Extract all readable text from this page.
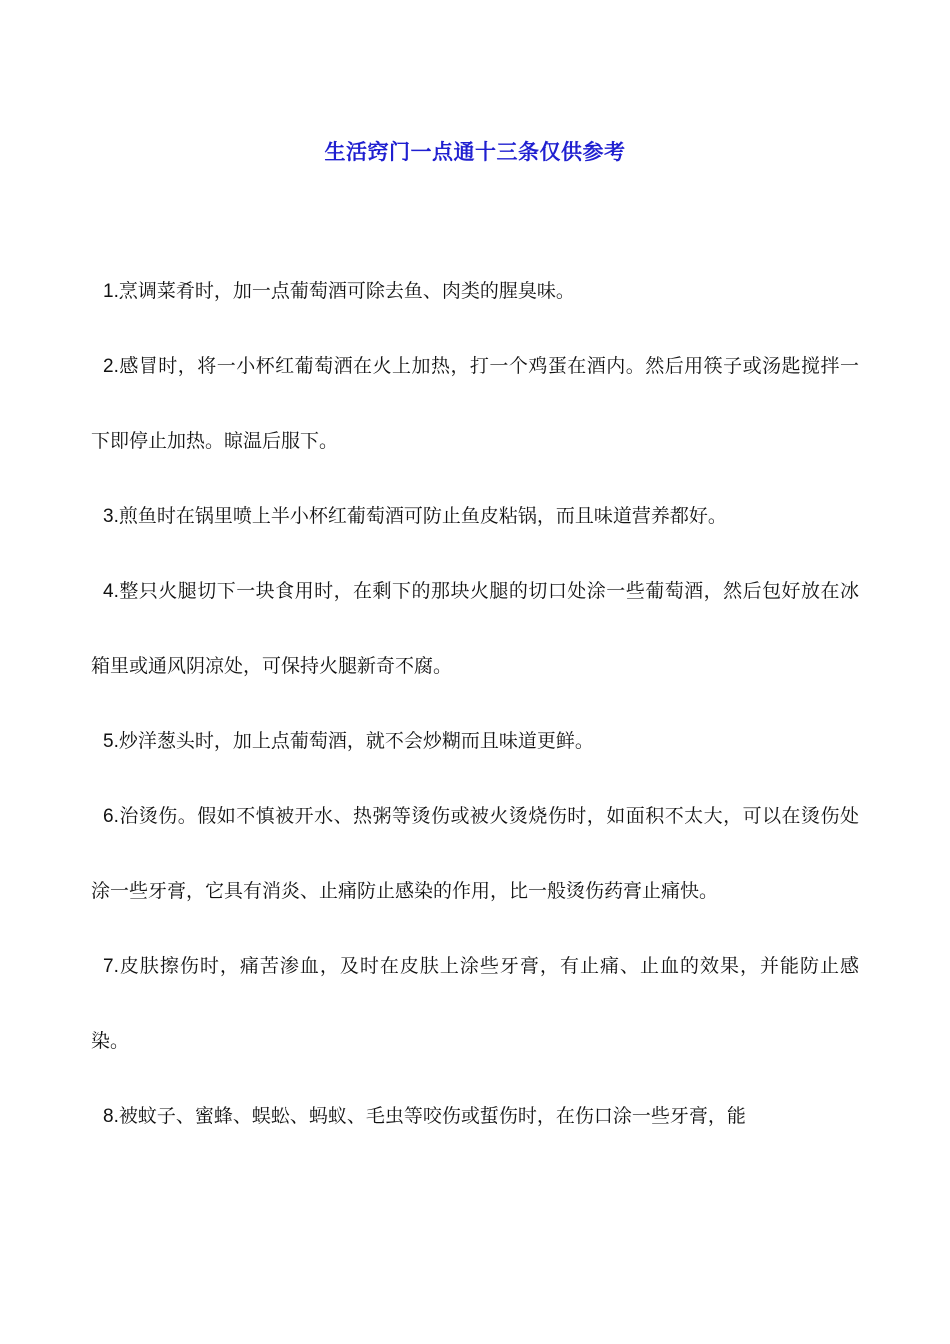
生活窍门一点通十三条仅供参考

1.烹调菜肴时，加一点葡萄酒可除去鱼、肉类的腥臭味。

2.感冒时，将一小杯红葡萄洒在火上加热，打一个鸡蛋在酒内。然后用筷子或汤匙搅拌一下即停止加热。晾温后服下。

3.煎鱼时在锅里喷上半小杯红葡萄酒可防止鱼皮粘锅，而且味道营养都好。

4.整只火腿切下一块食用时，在剩下的那块火腿的切口处涂一些葡萄酒，然后包好放在冰箱里或通风阴凉处，可保持火腿新奇不腐。

5.炒洋葱头时，加上点葡萄酒，就不会炒糊而且味道更鲜。

6.治烫伤。假如不慎被开水、热粥等烫伤或被火烫烧伤时，如面积不太大，可以在烫伤处涂一些牙膏，它具有消炎、止痛防止感染的作用，比一般烫伤药膏止痛快。

7.皮肤擦伤时，痛苦渗血，及时在皮肤上涂些牙膏，有止痛、止血的效果，并能防止感染。

8.被蚊子、蜜蜂、蜈蚣、蚂蚁、毛虫等咬伤或蜇伤时，在伤口涂一些牙膏，能
